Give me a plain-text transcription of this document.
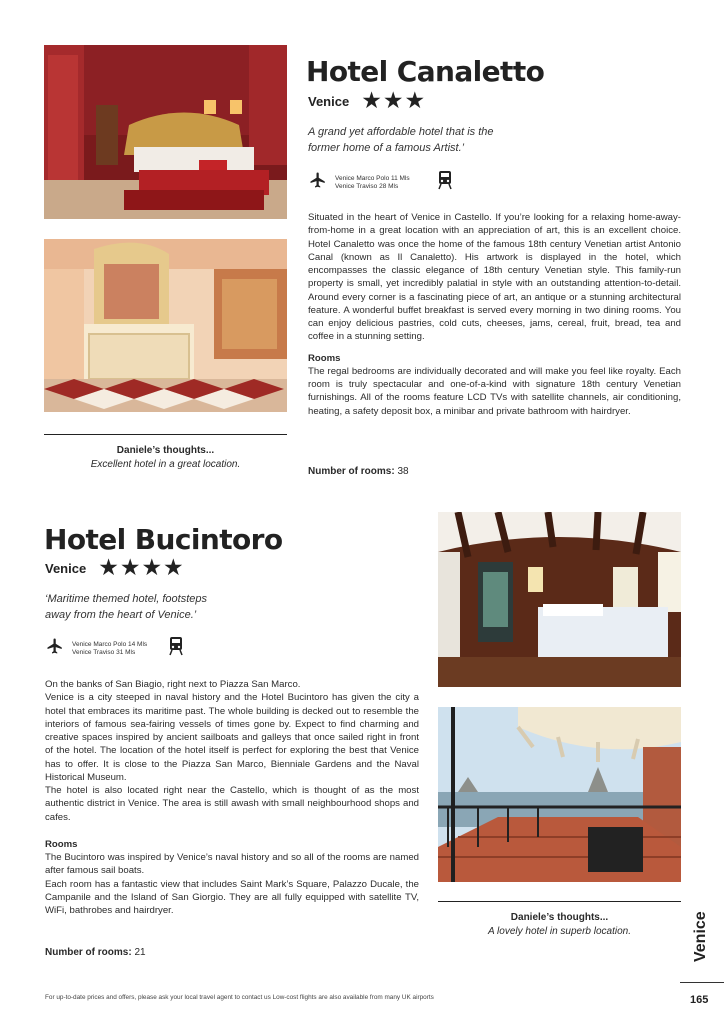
Daniele’s thoughts...
Excellent hotel in a great location.
Hotel Canaletto
Venice ★★★
A grand yet affordable hotel that is the
former home of a famous Artist.’
Venice Marco Polo 11 Mls
Venice Traviso 28 Mls

Situated in the heart of Venice in Castello. If you’re looking for a relaxing home-away-from-home in a great location with an appreciation of art, this is an excellent choice. Hotel Canaletto was once the home of the famous 18th century Venetian artist Antonio Canal (known as Il Canaletto). His artwork is displayed in the hotel, which encompasses the classic elegance of 18th century Venetian style. This family-run property is small, yet incredibly palatial in style with an outstanding attention-to-detail. Around every corner is a fascinating piece of art, an antique or a stunning architectural feature. A wonderful buffet breakfast is served every morning in two dining rooms. You can enjoy delicious pastries, cold cuts, cheeses, jams, cereal, fruit, bread, tea and coffee in a stunning setting.

Rooms

The regal bedrooms are individually decorated and will make you feel like royalty. Each room is truly spectacular and one-of-a-kind with signature 18th century Venetian furnishings. All of the rooms feature LCD TVs with satellite channels, air conditioning, heating, a safety deposit box, a minibar and private bathroom with hairdryer.

Number of rooms: 38
Hotel Bucintoro
Venice ★★★★
‘Maritime themed hotel, footsteps
away from the heart of Venice.’
Venice Marco Polo 14 Mls
Venice Traviso 31 Mls

On the banks of San Biagio, right next to Piazza San Marco.

Venice is a city steeped in naval history and the Hotel Bucintoro has given the city a hotel that embraces its maritime past. The whole building is decked out to resemble the interiors of famous sea-fairing vessels of times gone by. Expect to find charming and creative spaces inspired by ancient sailboats and galleys that once sailed right in front of the hotel. The location of the hotel itself is perfect for exploring the best that Venice has to offer. It is close to the Piazza San Marco, Bienniale Gardens and the Naval Historical Museum.

The hotel is also located right near the Castello, which is thought of as the most authentic district in Venice. The area is still awash with small neighbourhood shops and cafes.

Rooms

The Bucintoro was inspired by Venice’s naval history and so all of the rooms are named after famous sail boats.

Each room has a fantastic view that includes Saint Mark’s Square, Palazzo Ducale, the Campanile and the Island of San Giorgio. They are all fully equipped with satellite TV, WiFi, bathrobes and hairdryer.

Number of rooms: 21
Daniele’s thoughts...
A lovely hotel in superb location.	Venice
For up-to-date prices and offers, please ask your local travel agent to contact us Low-cost flights are also available from many UK airports	165
